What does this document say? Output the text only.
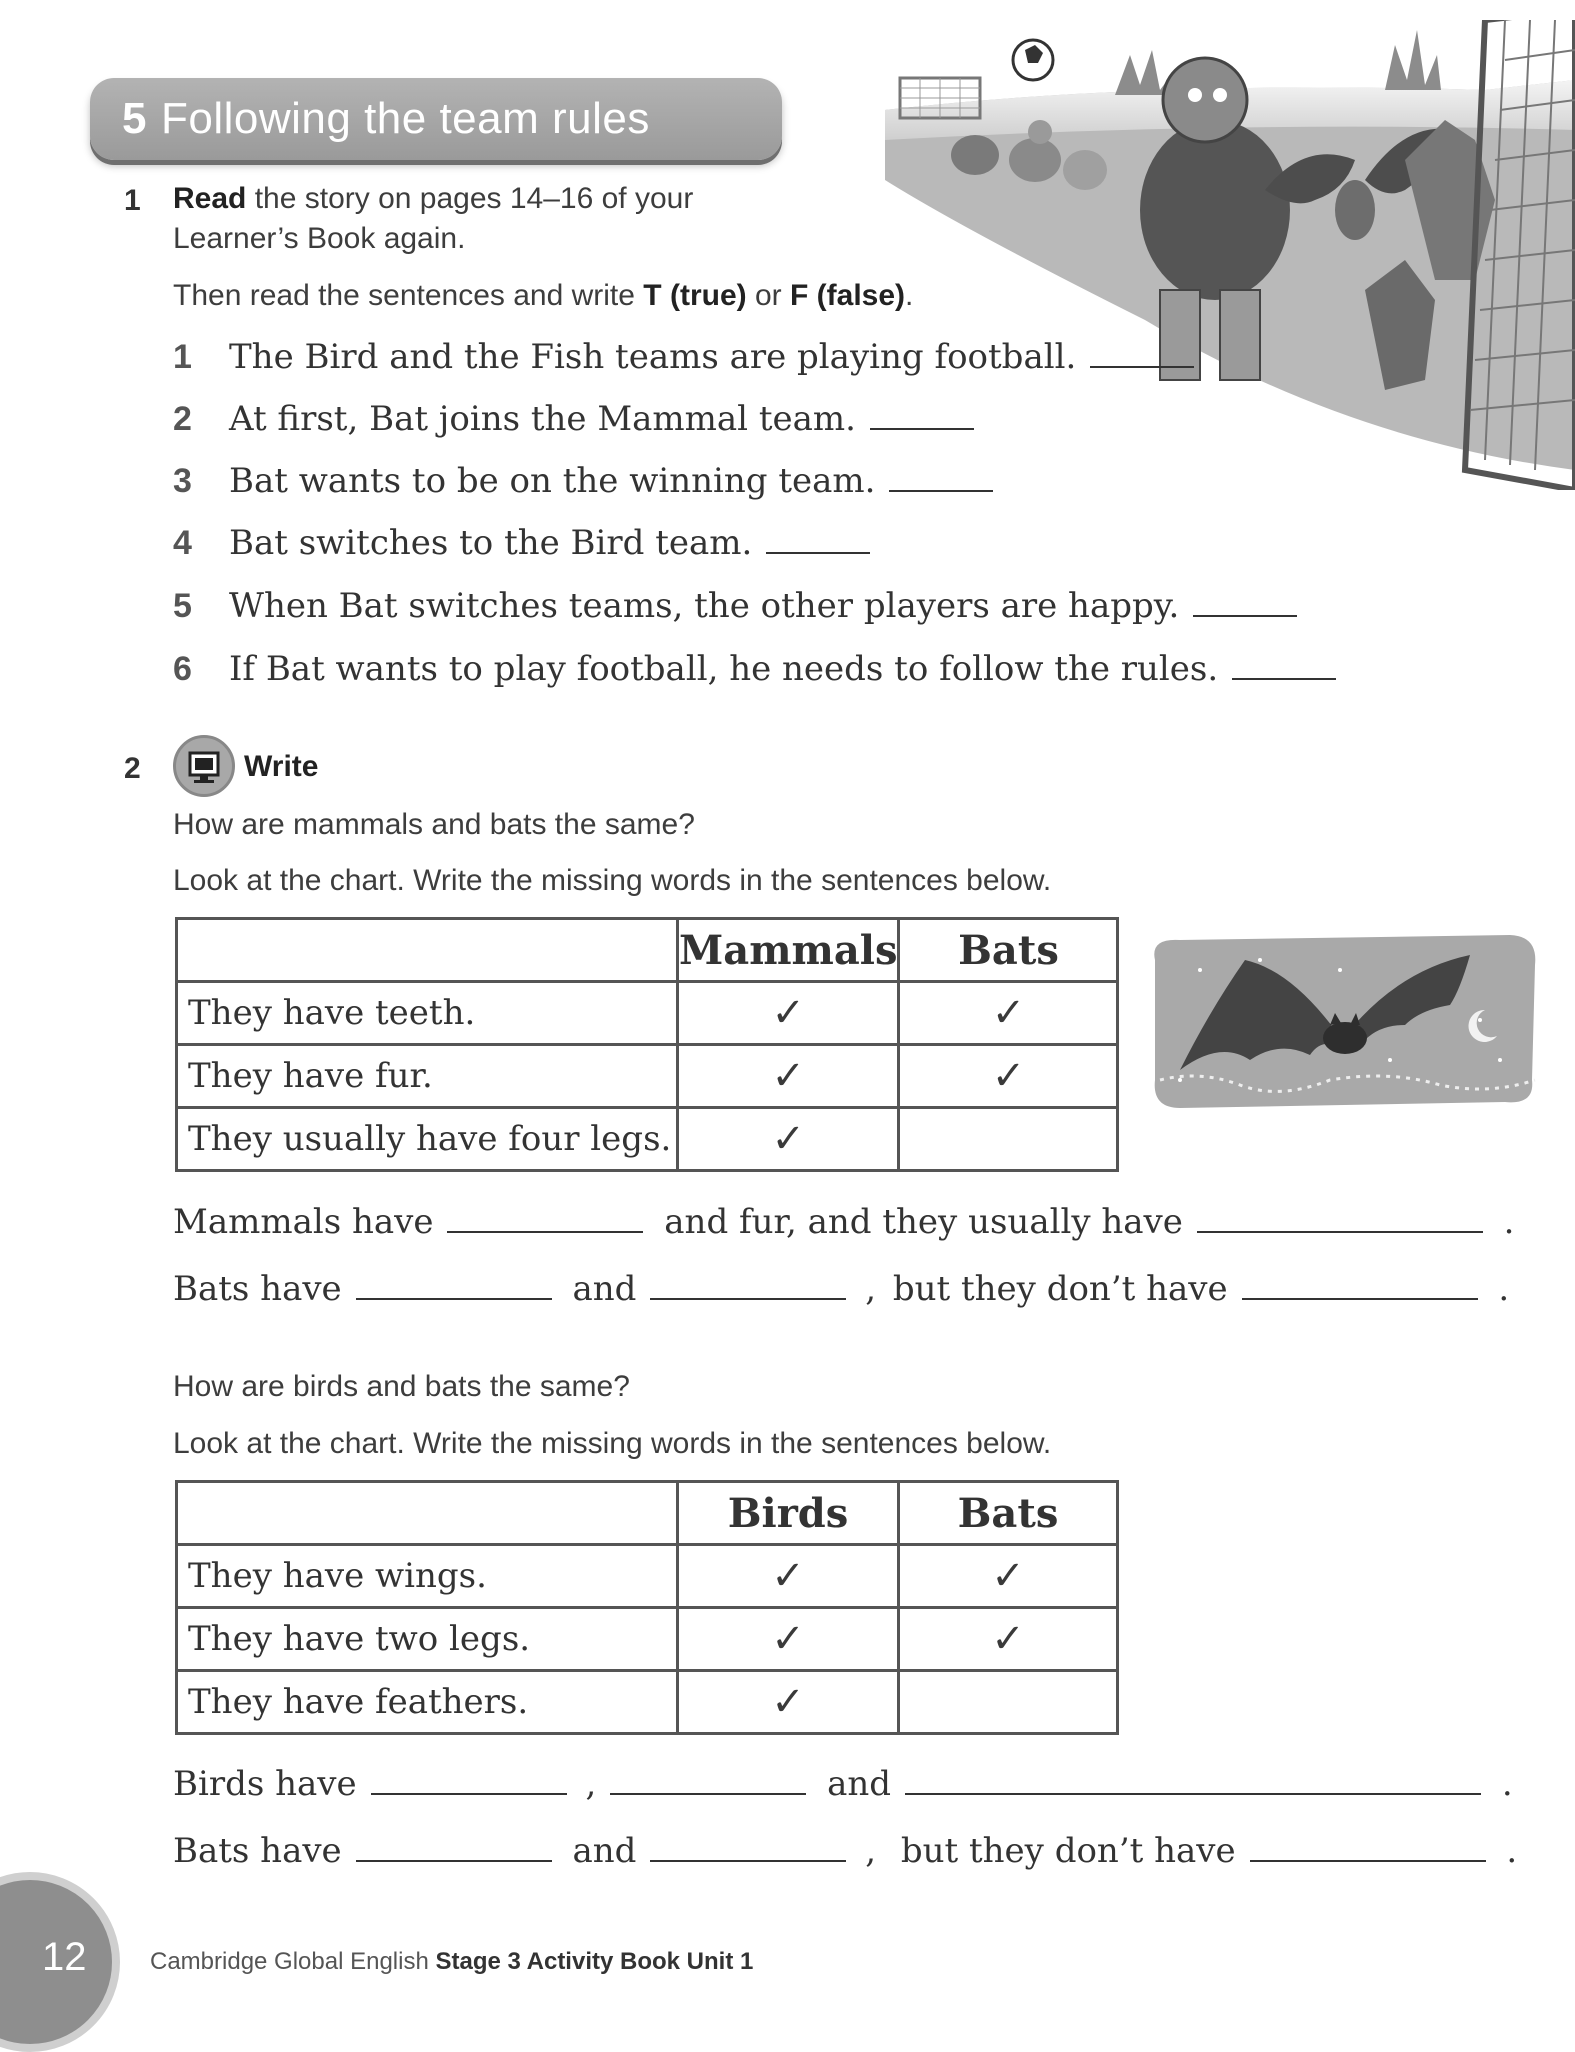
5 Following the team rules
1 Read the story on pages 14–16 of your
Learner’s Book again.
Then read the sentences and write T (true) or F (false).
1 The Bird and the Fish teams are playing football.
2 At first, Bat joins the Mammal team.
3 Bat wants to be on the winning team.
4 Bat switches to the Bird team.
5 When Bat switches teams, the other players are happy.
6 If Bat wants to play football, he needs to follow the rules.
2	Write
How are mammals and bats the same?
Look at the chart. Write the missing words in the sentences below.
	Mammals	Bats
They have teeth.	✓	✓
They have fur.	✓	✓
They usually have four legs.	✓	
Mammals have	and fur, and they usually have	.
Bats have	and	, but they don’t have	.
How are birds and bats the same?
Look at the chart. Write the missing words in the sentences below.
	Birds	Bats
They have wings.	✓	✓
They have two legs.	✓	✓
They have feathers.	✓	
Birds have	,	and	.
Bats have	and	, but they don’t have	.
12	Cambridge Global English Stage 3 Activity Book Unit 1
